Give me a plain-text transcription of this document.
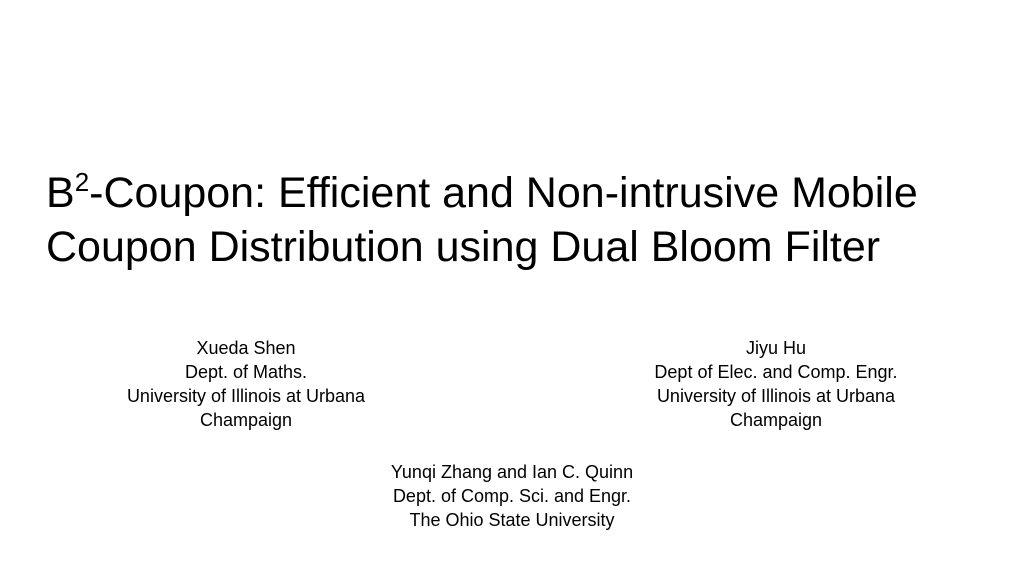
$B^2$-Coupon: Efficient and Non-intrusive Mobile
Coupon Distribution using Dual Bloom Filter
Xueda Shen
Dept. of Maths.
University of Illinois at Urbana
Champaign
Jiyu Hu
Dept of Elec. and Comp. Engr.
University of Illinois at Urbana
Champaign
Yunqi Zhang and Ian C. Quinn
Dept. of Comp. Sci. and Engr.
The Ohio State University
